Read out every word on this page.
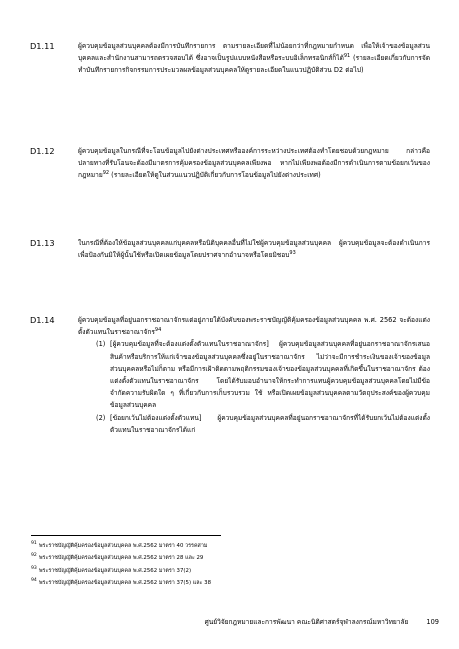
D1.11	ผู้ควบคุมข้อมูลส่วนบุคคลต้องมีการบันทึกรายการ ตามรายละเอียดที่ไม่น้อยกว่าที่กฎหมายกำหนด เพื่อให้เจ้าของข้อมูลส่วนบุคคลและสำนักงานสามารถตรวจสอบได้ ซึ่งอาจเป็นรูปแบบหนังสือหรือระบบอิเล็กทรอนิกส์ก็ได้$^{91}$ (รายละเอียดเกี่ยวกับการจัดทำบันทึกรายการกิจกรรมการประมวลผลข้อมูลส่วนบุคคลให้ดูรายละเอียดในแนวปฏิบัติส่วน D2 ต่อไป)

D1.12	ผู้ควบคุมข้อมูลในกรณีที่จะโอนข้อมูลไปยังต่างประเทศหรือองค์การระหว่างประเทศต้องทำโดยชอบด้วยกฎหมาย กล่าวคือ ปลายทางที่รับโอนจะต้องมีมาตรการคุ้มครองข้อมูลส่วนบุคคลเพียงพอ หากไม่เพียงพอต้องมีการดำเนินการตามข้อยกเว้นของกฎหมาย$^{92}$ (รายละเอียดให้ดูในส่วนแนวปฏิบัติเกี่ยวกับการโอนข้อมูลไปยังต่างประเทศ)

D1.13	ในกรณีที่ต้องให้ข้อมูลส่วนบุคคลแก่บุคคลหรือนิติบุคคลอื่นที่ไม่ใช่ผู้ควบคุมข้อมูลส่วนบุคคล ผู้ควบคุมข้อมูลจะต้องดำเนินการเพื่อป้องกันมิให้ผู้นั้นใช้หรือเปิดเผยข้อมูลโดยปราศจากอำนาจหรือโดยมิชอบ$^{93}$

D1.14	ผู้ควบคุมข้อมูลที่อยู่นอกราชอาณาจักรแต่อยู่ภายใต้บังคับของพระราชบัญญัติคุ้มครองข้อมูลส่วนบุคคล พ.ศ. 2562 จะต้องแต่งตั้งตัวแทนในราชอาณาจักร$^{94}$

(1) [ผู้ควบคุมข้อมูลที่จะต้องแต่งตั้งตัวแทนในราชอาณาจักร] ผู้ควบคุมข้อมูลส่วนบุคคลที่อยู่นอกราชอาณาจักรเสนอสินค้าหรือบริการให้แก่เจ้าของข้อมูลส่วนบุคคลซึ่งอยู่ในราชอาณาจักร ไม่ว่าจะมีการชำระเงินของเจ้าของข้อมูลส่วนบุคคลหรือไม่ก็ตาม หรือมีการเฝ้าติดตามพฤติกรรมของเจ้าของข้อมูลส่วนบุคคลที่เกิดขึ้นในราชอาณาจักร ต้องแต่งตั้งตัวแทนในราชอาณาจักร โดยได้รับมอบอำนาจให้กระทำการแทนผู้ควบคุมข้อมูลส่วนบุคคลโดยไม่มีข้อจำกัดความรับผิดใด ๆ ที่เกี่ยวกับการเก็บรวบรวม ใช้ หรือเปิดเผยข้อมูลส่วนบุคคลตามวัตถุประสงค์ของผู้ควบคุมข้อมูลส่วนบุคคล

(2) [ข้อยกเว้นไม่ต้องแต่งตั้งตัวแทน] ผู้ควบคุมข้อมูลส่วนบุคคลที่อยู่นอกราชอาณาจักรที่ได้รับยกเว้นไม่ต้องแต่งตั้งตัวแทนในราชอาณาจักรได้แก่

91 พระราชบัญญัติคุ้มครองข้อมูลส่วนบุคคล พ.ศ.2562 มาตรา 40 วรรคสาม
92 พระราชบัญญัติคุ้มครองข้อมูลส่วนบุคคล พ.ศ.2562 มาตรา 28 และ 29
93 พระราชบัญญัติคุ้มครองข้อมูลส่วนบุคคล พ.ศ.2562 มาตรา 37(2)
94 พระราชบัญญัติคุ้มครองข้อมูลส่วนบุคคล พ.ศ.2562 มาตรา 37(5) และ 38
ศูนย์วิจัยกฎหมายและการพัฒนา คณะนิติศาสตร์จุฬาลงกรณ์มหาวิทยาลัย	109
